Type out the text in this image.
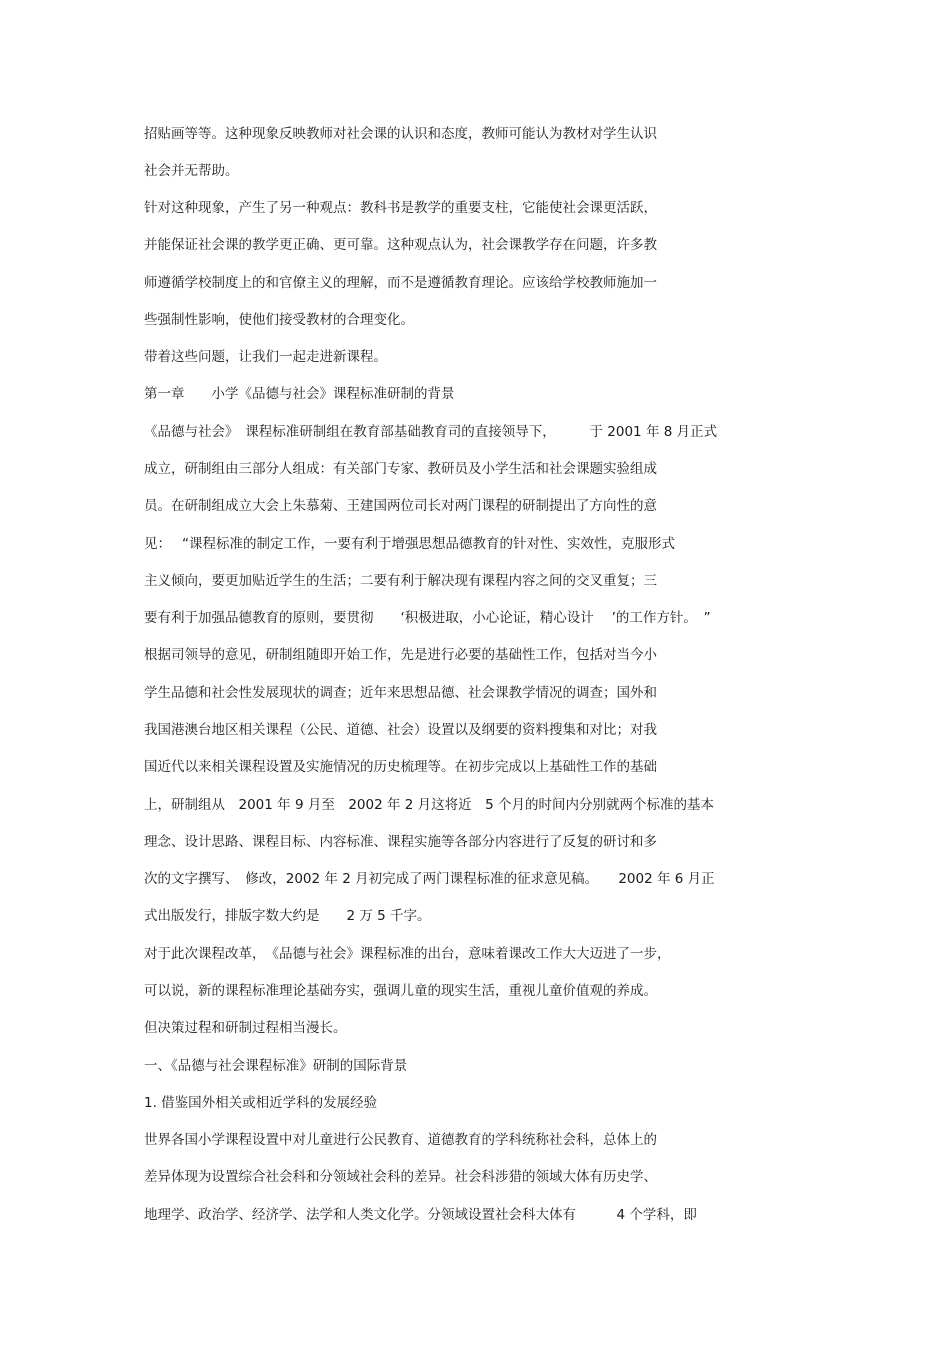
招贴画等等。这种现象反映教师对社会课的认识和态度，教师可能认为教材对学生认识
社会并无帮助。
针对这种现象，产生了另一种观点：教科书是教学的重要支柱，它能使社会课更活跃，
并能保证社会课的教学更正确、更可靠。这种观点认为，社会课教学存在问题，许多教
师遵循学校制度上的和官僚主义的理解，而不是遵循教育理论。应该给学校教师施加一
些强制性影响，使他们接受教材的合理变化。
带着这些问题，让我们一起走进新课程。
第一章　　小学《品德与社会》课程标准研制的背景
《品德与社会》　课程标准研制组在教育部基础教育司的直接领导下，　　　于 2001 年 8 月正式
成立，研制组由三部分人组成：有关部门专家、教研员及小学生活和社会课题实验组成
员。在研制组成立大会上朱慕菊、王建国两位司长对两门课程的研制提出了方向性的意
见：　 “课程标准的制定工作，一要有利于增强思想品德教育的针对性、实效性，克服形式
主义倾向，要更加贴近学生的生活；二要有利于解决现有课程内容之间的交叉重复；三
要有利于加强品德教育的原则，要贯彻　　‘积极进取，小心论证，精心设计　 ’的工作方针。　”
根据司领导的意见，研制组随即开始工作，先是进行必要的基础性工作，包括对当今小
学生品德和社会性发展现状的调查；近年来思想品德、社会课教学情况的调查；国外和
我国港澳台地区相关课程（公民、道德、社会）设置以及纲要的资料搜集和对比；对我
国近代以来相关课程设置及实施情况的历史梳理等。在初步完成以上基础性工作的基础
上，研制组从　2001 年 9 月至　2002 年 2 月这将近　5 个月的时间内分别就两个标准的基本
理念、设计思路、课程目标、内容标准、课程实施等各部分内容进行了反复的研讨和多
次的文字撰写、　修改，2002 年 2 月初完成了两门课程标准的征求意见稿。　　2002 年 6 月正
式出版发行，排版字数大约是　　2 万 5 千字。
对于此次课程改革，　《品德与社会》课程标准的出台，意味着课改工作大大迈进了一步，
可以说，新的课程标准理论基础夯实，强调儿童的现实生活，重视儿童价值观的养成。
但决策过程和研制过程相当漫长。
一、《品德与社会课程标准》研制的国际背景
1. 借鉴国外相关或相近学科的发展经验
世界各国小学课程设置中对儿童进行公民教育、道德教育的学科统称社会科，总体上的
差异体现为设置综合社会科和分领域社会科的差异。社会科涉猎的领域大体有历史学、
地理学、政治学、经济学、法学和人类文化学。分领域设置社会科大体有　　　4 个学科，即
